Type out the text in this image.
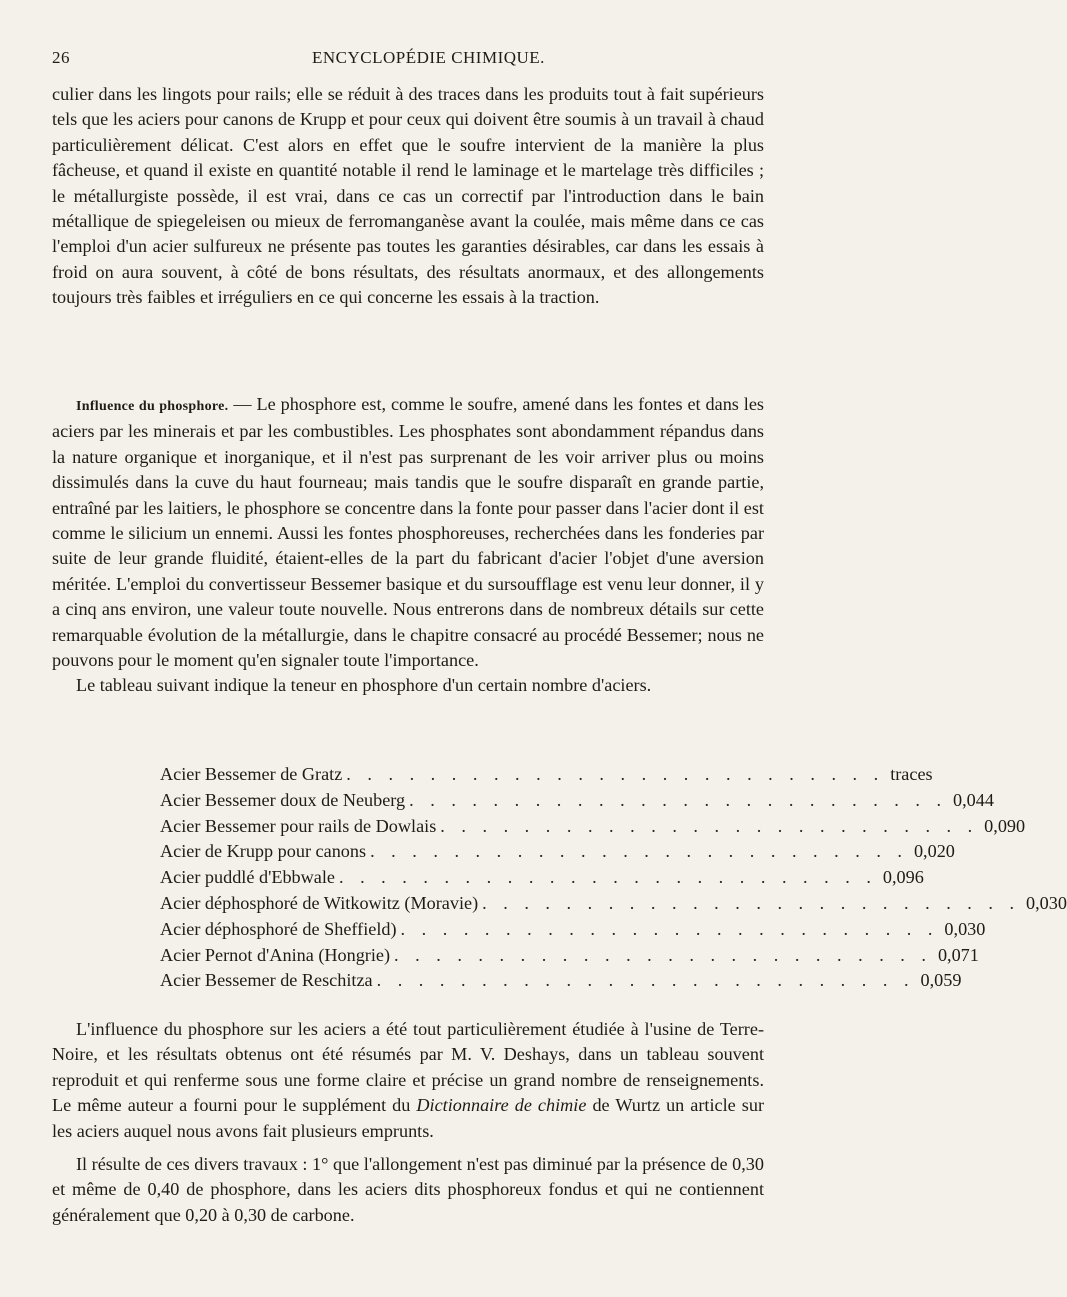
26	ENCYCLOPÉDIE CHIMIQUE.

culier dans les lingots pour rails; elle se réduit à des traces dans les produits tout à fait supérieurs tels que les aciers pour canons de Krupp et pour ceux qui doivent être soumis à un travail à chaud particulièrement délicat. C'est alors en effet que le soufre intervient de la manière la plus fâcheuse, et quand il existe en quantité notable il rend le laminage et le martelage très difficiles ; le métallurgiste possède, il est vrai, dans ce cas un correctif par l'introduction dans le bain métallique de spiegeleisen ou mieux de ferromanganèse avant la coulée, mais même dans ce cas l'emploi d'un acier sulfureux ne présente pas toutes les garanties désirables, car dans les essais à froid on aura souvent, à côté de bons résultats, des résultats anormaux, et des allongements toujours très faibles et irréguliers en ce qui concerne les essais à la traction.

Influence du phosphore. — Le phosphore est, comme le soufre, amené dans les fontes et dans les aciers par les minerais et par les combustibles. Les phosphates sont abondamment répandus dans la nature organique et inorganique, et il n'est pas surprenant de les voir arriver plus ou moins dissimulés dans la cuve du haut fourneau; mais tandis que le soufre disparaît en grande partie, entraîné par les laitiers, le phosphore se concentre dans la fonte pour passer dans l'acier dont il est comme le silicium un ennemi. Aussi les fontes phosphoreuses, recherchées dans les fonderies par suite de leur grande fluidité, étaient-elles de la part du fabricant d'acier l'objet d'une aversion méritée. L'emploi du convertisseur Bessemer basique et du sursoufflage est venu leur donner, il y a cinq ans environ, une valeur toute nouvelle. Nous entrerons dans de nombreux détails sur cette remarquable évolution de la métallurgie, dans le chapitre consacré au procédé Bessemer; nous ne pouvons pour le moment qu'en signaler toute l'importance.

Le tableau suivant indique la teneur en phosphore d'un certain nombre d'aciers.

Acier Bessemer de Gratz . . . . . . . . . . . . . . . . . . . . . . . . . . traces
Acier Bessemer doux de Neuberg . . . . . . . . . . . . . . . . . . . . . . . . . . 0,044
Acier Bessemer pour rails de Dowlais . . . . . . . . . . . . . . . . . . . . . . . . . . 0,090
Acier de Krupp pour canons . . . . . . . . . . . . . . . . . . . . . . . . . . 0,020
Acier puddlé d'Ebbwale . . . . . . . . . . . . . . . . . . . . . . . . . . 0,096
Acier déphosphoré de Witkowitz (Moravie) . . . . . . . . . . . . . . . . . . . . . . . . . . 0,030
Acier déphosphoré de Sheffield) . . . . . . . . . . . . . . . . . . . . . . . . . . 0,030
Acier Pernot d'Anina (Hongrie) . . . . . . . . . . . . . . . . . . . . . . . . . . 0,071
Acier Bessemer de Reschitza . . . . . . . . . . . . . . . . . . . . . . . . . . 0,059

L'influence du phosphore sur les aciers a été tout particulièrement étudiée à l'usine de Terre-Noire, et les résultats obtenus ont été résumés par M. V. Deshays, dans un tableau souvent reproduit et qui renferme sous une forme claire et précise un grand nombre de renseignements. Le même auteur a fourni pour le supplément du Dictionnaire de chimie de Wurtz un article sur les aciers auquel nous avons fait plusieurs emprunts.

Il résulte de ces divers travaux : 1° que l'allongement n'est pas diminué par la présence de 0,30 et même de 0,40 de phosphore, dans les aciers dits phosphoreux fondus et qui ne contiennent généralement que 0,20 à 0,30 de carbone.
